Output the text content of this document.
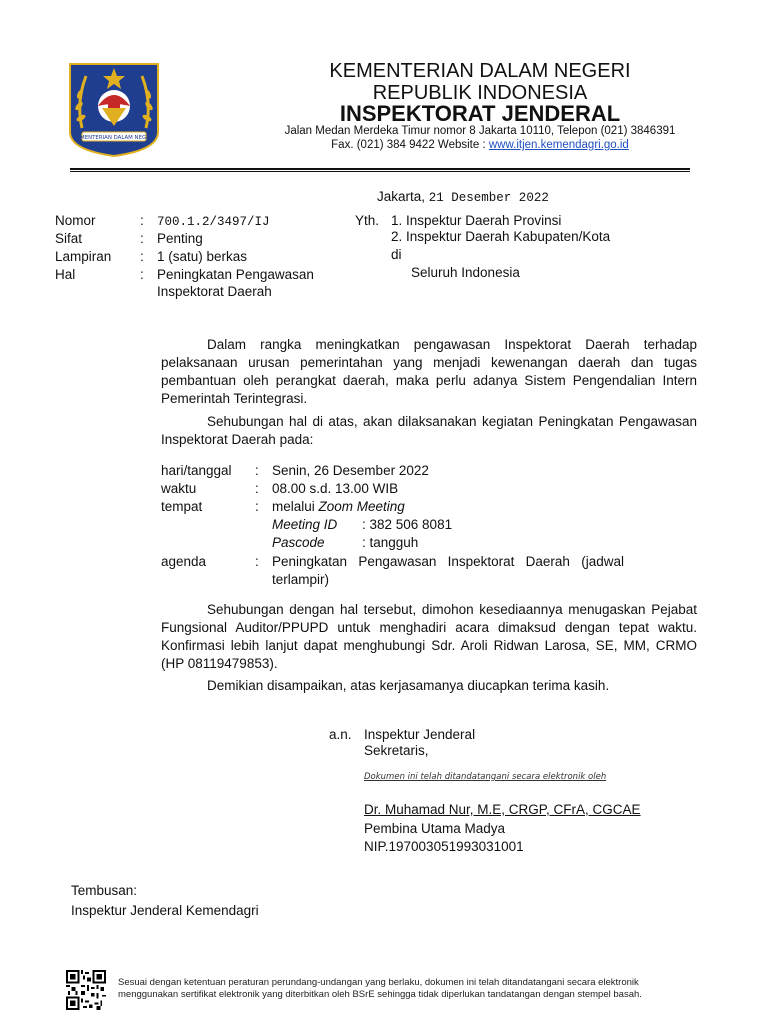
KEMENTERIAN DALAM NEGERI
KEMENTERIAN DALAM NEGERI
REPUBLIK INDONESIA
INSPEKTORAT JENDERAL
Jalan Medan Merdeka Timur nomor 8 Jakarta 10110, Telepon (021) 3846391
Fax. (021) 384 9422 Website : www.itjen.kemendagri.go.id
Jakarta, 21 Desember 2022
Nomor	: 700.1.2/3497/IJ
Sifat	: Penting
Lampiran : 1 (satu) berkas
Hal	: Peningkatan Pengawasan
Inspektorat Daerah
Yth. 1. Inspektur Daerah Provinsi
2. Inspektur Daerah Kabupaten/Kota
di
Seluruh Indonesia
Dalam rangka meningkatkan pengawasan Inspektorat Daerah terhadap pelaksanaan urusan pemerintahan yang menjadi kewenangan daerah dan tugas pembantuan oleh perangkat daerah, maka perlu adanya Sistem Pengendalian Intern Pemerintah Terintegrasi.
Sehubungan hal di atas, akan dilaksanakan kegiatan Peningkatan Pengawasan Inspektorat Daerah pada:
hari/tanggal : Senin, 26 Desember 2022
waktu	: 08.00 s.d. 13.00 WIB
tempat	: melalui Zoom Meeting
Meeting ID : 382 506 8081
Pascode	: tangguh
agenda	: Peningkatan   Pengawasan   Inspektorat   Daerah   (jadwal
terlampir)
Sehubungan dengan hal tersebut, dimohon kesediaannya menugaskan Pejabat Fungsional Auditor/PPUPD untuk menghadiri acara dimaksud dengan tepat waktu. Konfirmasi lebih lanjut dapat menghubungi Sdr. Aroli Ridwan Larosa, SE, MM, CRMO (HP 08119479853).
Demikian disampaikan, atas kerjasamanya diucapkan terima kasih.
a.n. Inspektur Jenderal
Sekretaris,
Dokumen ini telah ditandatangani secara elektronik oleh
Dr. Muhamad Nur, M.E, CRGP, CFrA, CGCAE
Pembina Utama Madya
NIP.197003051993031001
Tembusan:
Inspektur Jenderal Kemendagri
Sesuai dengan ketentuan peraturan perundang-undangan yang berlaku, dokumen ini telah ditandatangani secara elektronik
menggunakan sertifikat elektronik yang diterbitkan oleh BSrE sehingga tidak diperlukan tandatangan dengan stempel basah.
